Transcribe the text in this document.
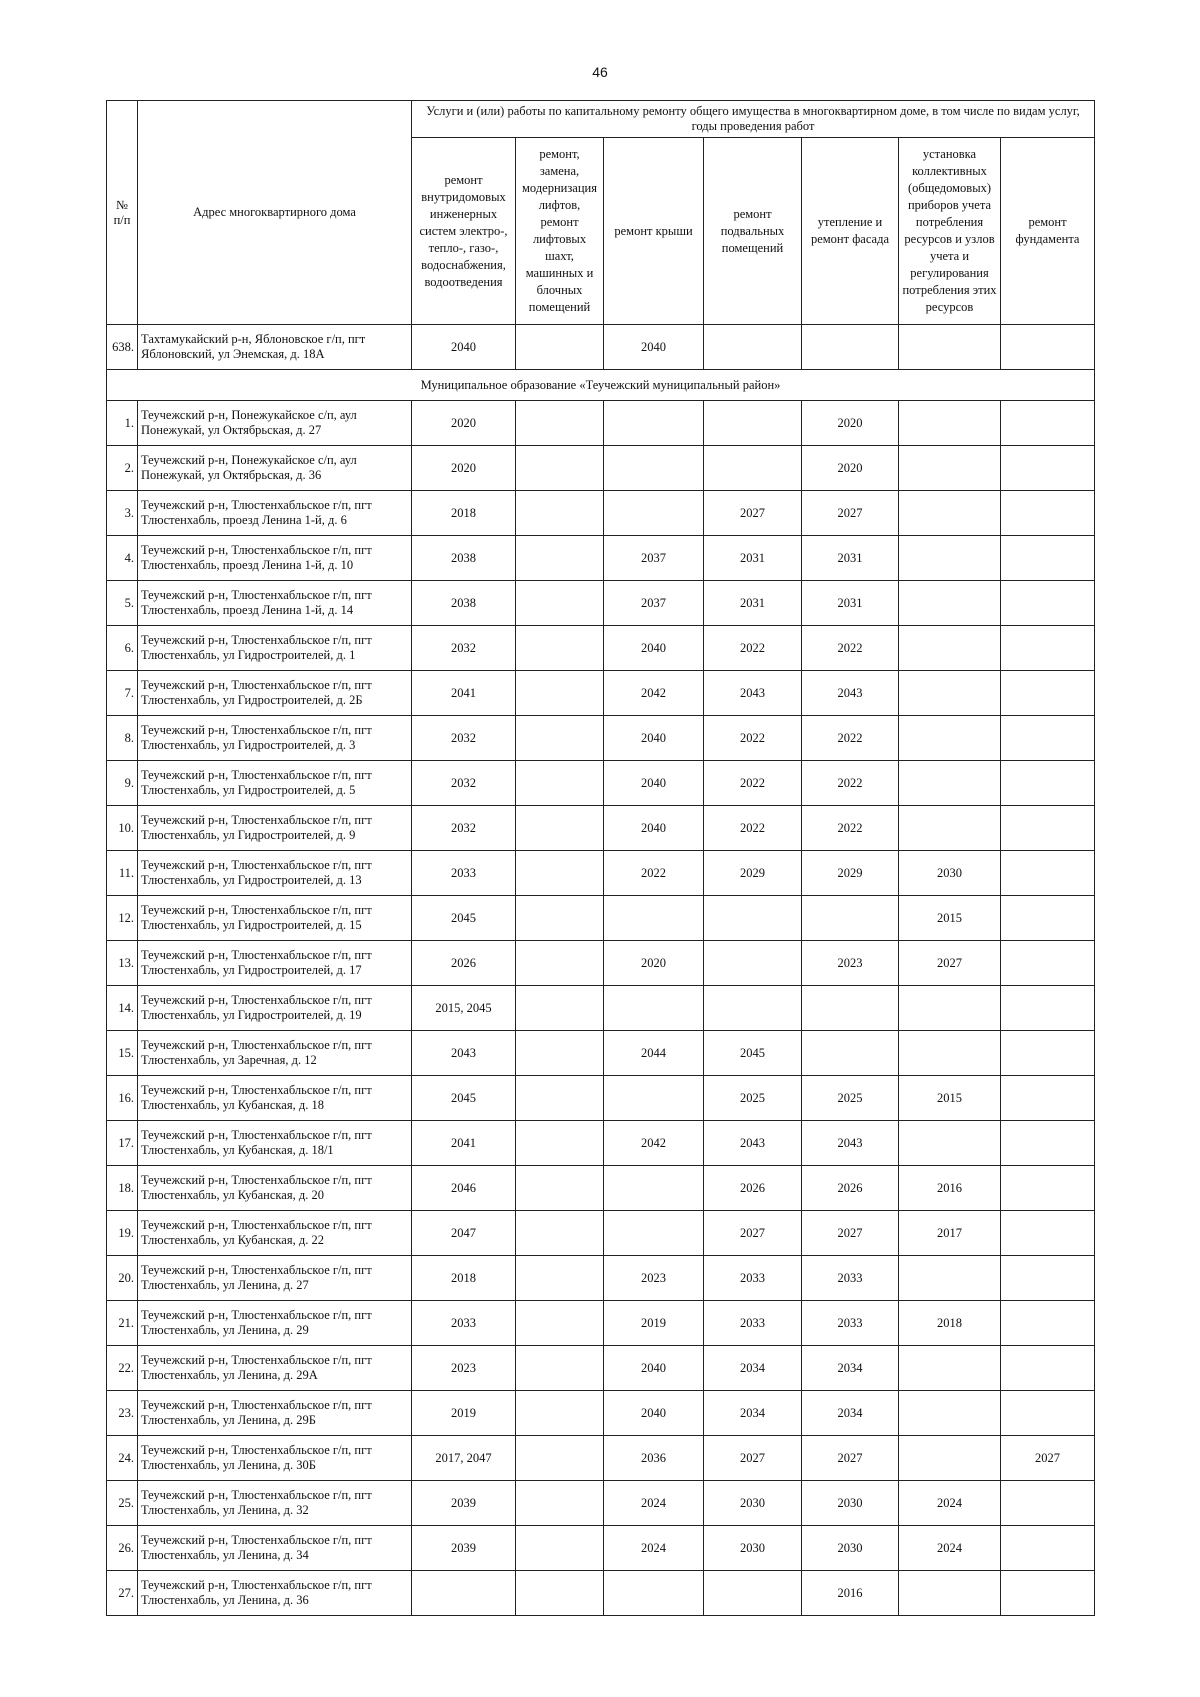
46
№ п/п	Адрес многоквартирного дома	Услуги и (или) работы по капитальному ремонту общего имущества в многоквартирном доме, в том числе по видам услуг, годы проведения работ						
		ремонт внутридомовых инженерных систем электро-, тепло-, газо-, водоснабжения, водоотведения	ремонт, замена, модернизация лифтов, ремонт лифтовых шахт, машинных и блочных помещений	ремонт крыши	ремонт подвальных помещений	утепление и ремонт фасада	установка коллективных (общедомовых) приборов учета потребления ресурсов и узлов учета и регулирования потребления этих ресурсов	ремонт фундамента
638.	Тахтамукайский р-н, Яблоновское г/п, пгт Яблоновский, ул Энемская, д. 18А	2040		2040				
Муниципальное образование «Теучежский муниципальный район»								
1.	Теучежский р-н, Понежукайское с/п, аул Понежукай, ул Октябрьская, д. 27	2020				2020		
2.	Теучежский р-н, Понежукайское с/п, аул Понежукай, ул Октябрьская, д. 36	2020				2020		
3.	Теучежский р-н, Тлюстенхабльское г/п, пгт Тлюстенхабль, проезд Ленина 1-й, д. 6	2018			2027	2027		
4.	Теучежский р-н, Тлюстенхабльское г/п, пгт Тлюстенхабль, проезд Ленина 1-й, д. 10	2038		2037	2031	2031		
5.	Теучежский р-н, Тлюстенхабльское г/п, пгт Тлюстенхабль, проезд Ленина 1-й, д. 14	2038		2037	2031	2031		
6.	Теучежский р-н, Тлюстенхабльское г/п, пгт Тлюстенхабль, ул Гидростроителей, д. 1	2032		2040	2022	2022		
7.	Теучежский р-н, Тлюстенхабльское г/п, пгт Тлюстенхабль, ул Гидростроителей, д. 2Б	2041		2042	2043	2043		
8.	Теучежский р-н, Тлюстенхабльское г/п, пгт Тлюстенхабль, ул Гидростроителей, д. 3	2032		2040	2022	2022		
9.	Теучежский р-н, Тлюстенхабльское г/п, пгт Тлюстенхабль, ул Гидростроителей, д. 5	2032		2040	2022	2022		
10.	Теучежский р-н, Тлюстенхабльское г/п, пгт Тлюстенхабль, ул Гидростроителей, д. 9	2032		2040	2022	2022		
11.	Теучежский р-н, Тлюстенхабльское г/п, пгт Тлюстенхабль, ул Гидростроителей, д. 13	2033		2022	2029	2029	2030	
12.	Теучежский р-н, Тлюстенхабльское г/п, пгт Тлюстенхабль, ул Гидростроителей, д. 15	2045					2015	
13.	Теучежский р-н, Тлюстенхабльское г/п, пгт Тлюстенхабль, ул Гидростроителей, д. 17	2026		2020		2023	2027	
14.	Теучежский р-н, Тлюстенхабльское г/п, пгт Тлюстенхабль, ул Гидростроителей, д. 19	2015, 2045						
15.	Теучежский р-н, Тлюстенхабльское г/п, пгт Тлюстенхабль, ул Заречная, д. 12	2043		2044	2045			
16.	Теучежский р-н, Тлюстенхабльское г/п, пгт Тлюстенхабль, ул Кубанская, д. 18	2045			2025	2025	2015	
17.	Теучежский р-н, Тлюстенхабльское г/п, пгт Тлюстенхабль, ул Кубанская, д. 18/1	2041		2042	2043	2043		
18.	Теучежский р-н, Тлюстенхабльское г/п, пгт Тлюстенхабль, ул Кубанская, д. 20	2046			2026	2026	2016	
19.	Теучежский р-н, Тлюстенхабльское г/п, пгт Тлюстенхабль, ул Кубанская, д. 22	2047			2027	2027	2017	
20.	Теучежский р-н, Тлюстенхабльское г/п, пгт Тлюстенхабль, ул Ленина, д. 27	2018		2023	2033	2033		
21.	Теучежский р-н, Тлюстенхабльское г/п, пгт Тлюстенхабль, ул Ленина, д. 29	2033		2019	2033	2033	2018	
22.	Теучежский р-н, Тлюстенхабльское г/п, пгт Тлюстенхабль, ул Ленина, д. 29А	2023		2040	2034	2034		
23.	Теучежский р-н, Тлюстенхабльское г/п, пгт Тлюстенхабль, ул Ленина, д. 29Б	2019		2040	2034	2034		
24.	Теучежский р-н, Тлюстенхабльское г/п, пгт Тлюстенхабль, ул Ленина, д. 30Б	2017, 2047		2036	2027	2027		2027
25.	Теучежский р-н, Тлюстенхабльское г/п, пгт Тлюстенхабль, ул Ленина, д. 32	2039		2024	2030	2030	2024	
26.	Теучежский р-н, Тлюстенхабльское г/п, пгт Тлюстенхабль, ул Ленина, д. 34	2039		2024	2030	2030	2024	
27.	Теучежский р-н, Тлюстенхабльское г/п, пгт Тлюстенхабль, ул Ленина, д. 36					2016		
